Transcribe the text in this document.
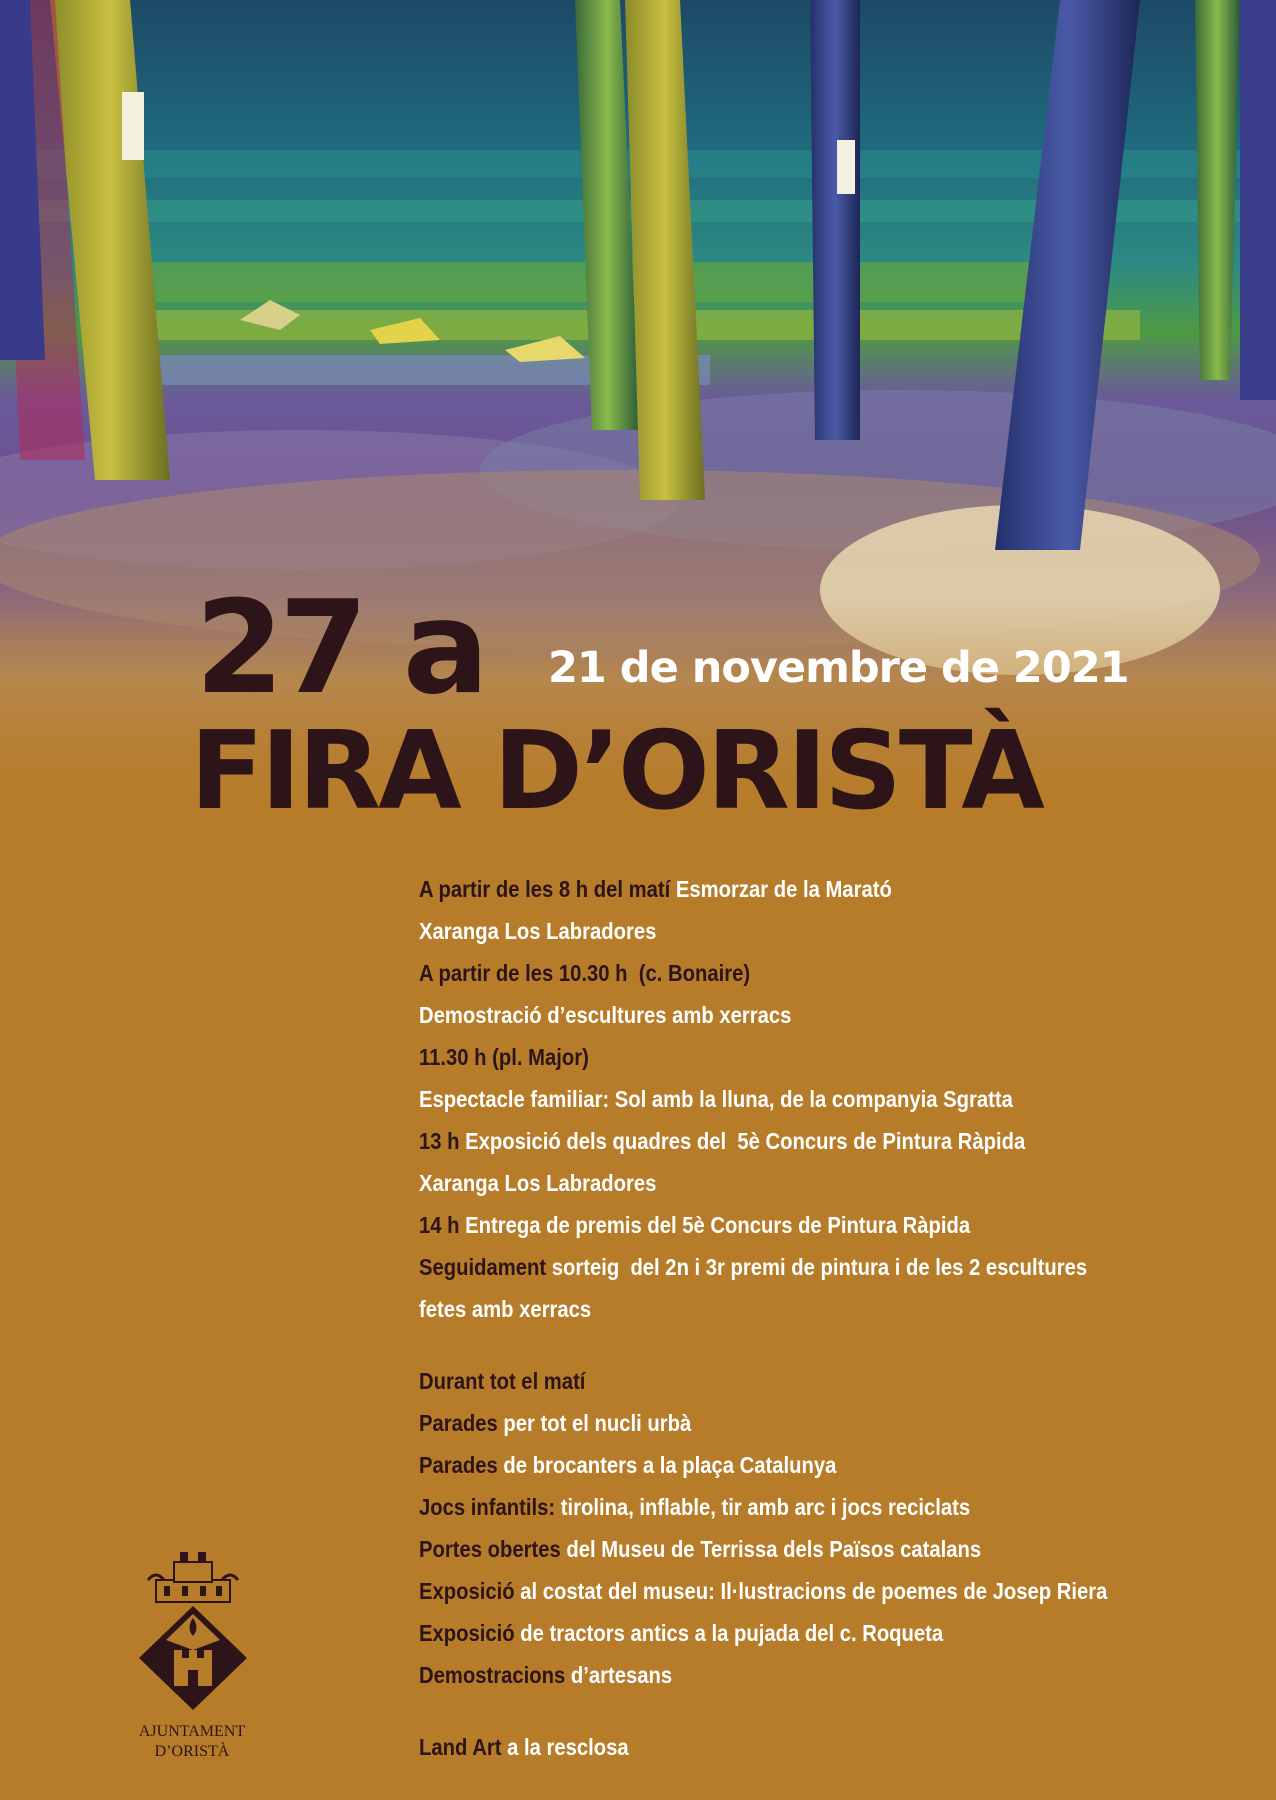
27 a 21 de novembre de 2021
FIRA D’ORISTÀ
A partir de les 8 h del matí Esmorzar de la Marató
Xaranga Los Labradores
A partir de les 10.30 h  (c. Bonaire)
Demostració d’escultures amb xerracs
11.30 h (pl. Major)
Espectacle familiar: Sol amb la lluna, de la companyia Sgratta
13 h Exposició dels quadres del  5è Concurs de Pintura Ràpida
Xaranga Los Labradores
14 h Entrega de premis del 5è Concurs de Pintura Ràpida
Seguidament sorteig  del 2n i 3r premi de pintura i de les 2 escultures
fetes amb xerracs
Durant tot el matí
Parades per tot el nucli urbà
Parades de brocanters a la plaça Catalunya
Jocs infantils: tirolina, inflable, tir amb arc i jocs reciclats
Portes obertes del Museu de Terrissa dels Països catalans
Exposició al costat del museu: Il·lustracions de poemes de Josep Riera
Exposició de tractors antics a la pujada del c. Roqueta
Demostracions d’artesans
Land Art a la resclosa
AJUNTAMENT
D’ORISTÀ
